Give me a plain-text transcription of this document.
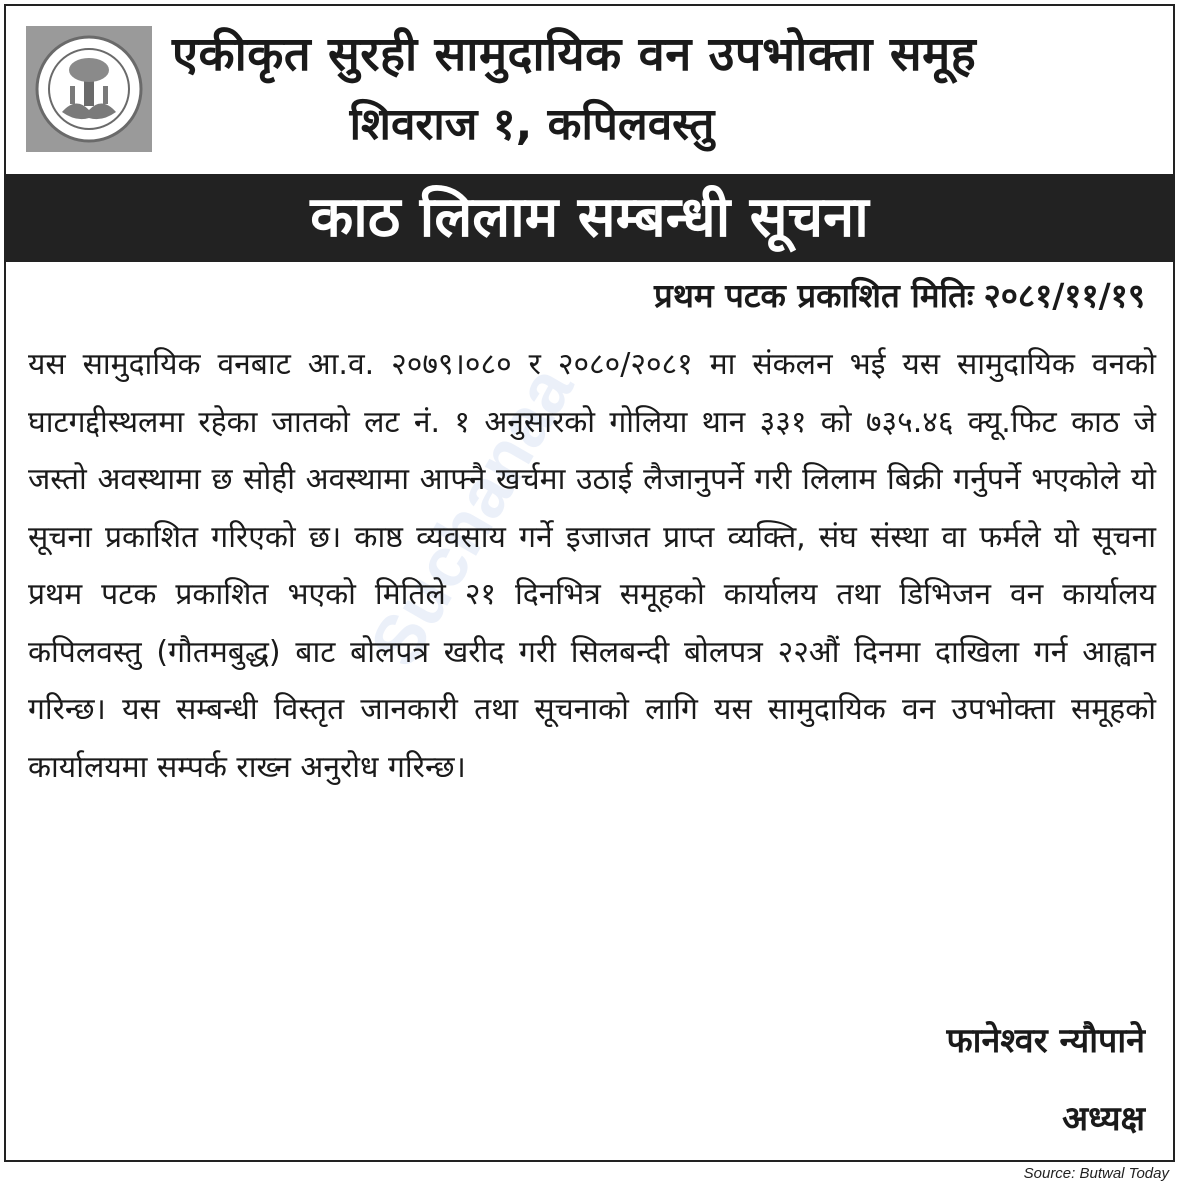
एकीकृत सुरही सामुदायिक वन उपभोक्ता समूह
शिवराज १, कपिलवस्तु
काठ लिलाम सम्बन्धी सूचना
प्रथम पटक प्रकाशित मितिः २०८१/११/१९
Suchanaa
यस सामुदायिक वनबाट आ.व. २०७९।०८० र २०८०/२०८१ मा संकलन भई यस सामुदायिक वनको घाटगद्दीस्थलमा रहेका जातको लट नं. १ अनुसारको गोलिया थान ३३१ को ७३५.४६ क्यू.फिट काठ जे जस्तो अवस्थामा छ सोही अवस्थामा आफ्नै खर्चमा उठाई लैजानुपर्ने गरी लिलाम बिक्री गर्नुपर्ने भएकोले यो सूचना प्रकाशित गरिएको छ। काष्ठ व्यवसाय गर्ने इजाजत प्राप्त व्यक्ति, संघ संस्था वा फर्मले यो सूचना प्रथम पटक प्रकाशित भएको मितिले २१ दिनभित्र समूहको कार्यालय तथा डिभिजन वन कार्यालय कपिलवस्तु (गौतमबुद्ध) बाट बोलपत्र खरीद गरी सिलबन्दी बोलपत्र २२औं दिनमा दाखिला गर्न आह्वान गरिन्छ। यस सम्बन्धी विस्तृत जानकारी तथा सूचनाको लागि यस सामुदायिक वन उपभोक्ता समूहको कार्यालयमा सम्पर्क राख्न अनुरोध गरिन्छ।
फानेश्वर न्यौपाने
अध्यक्ष
Source: Butwal Today
